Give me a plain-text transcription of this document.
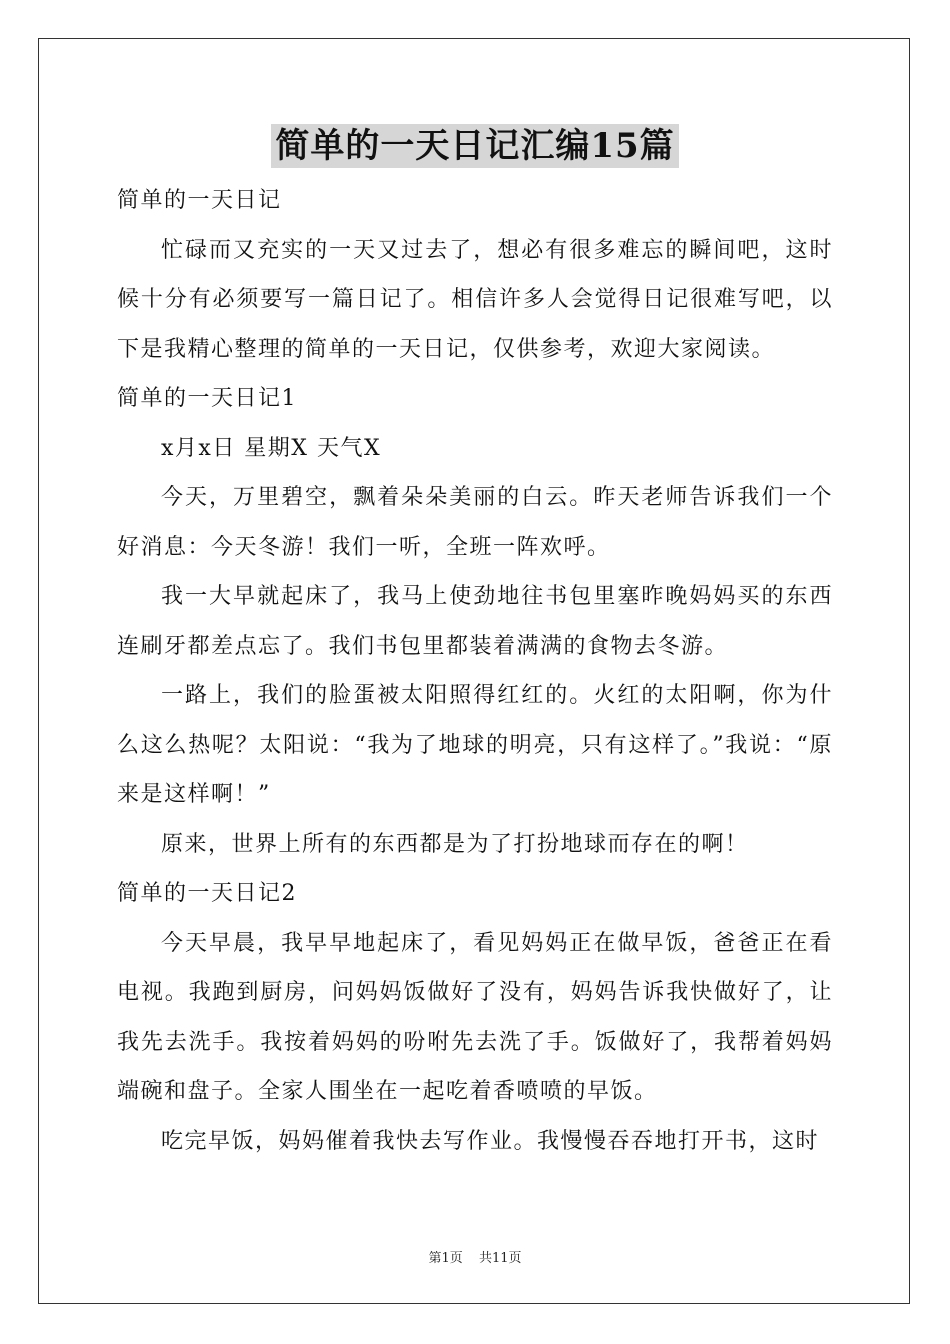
简单的一天日记汇编15篇

简单的一天日记

忙碌而又充实的一天又过去了，想必有很多难忘的瞬间吧，这时候十分有必须要写一篇日记了。相信许多人会觉得日记很难写吧，以下是我精心整理的简单的一天日记，仅供参考，欢迎大家阅读。

简单的一天日记1

x月x日 星期X 天气X

今天，万里碧空，飘着朵朵美丽的白云。昨天老师告诉我们一个好消息：今天冬游！我们一听，全班一阵欢呼。

我一大早就起床了，我马上使劲地往书包里塞昨晚妈妈买的东西连刷牙都差点忘了。我们书包里都装着满满的食物去冬游。

一路上，我们的脸蛋被太阳照得红红的。火红的太阳啊，你为什么这么热呢？太阳说：“我为了地球的明亮，只有这样了。”我说：“原来是这样啊！”

原来，世界上所有的东西都是为了打扮地球而存在的啊！

简单的一天日记2

今天早晨，我早早地起床了，看见妈妈正在做早饭，爸爸正在看电视。我跑到厨房，问妈妈饭做好了没有，妈妈告诉我快做好了，让我先去洗手。我按着妈妈的吩咐先去洗了手。饭做好了，我帮着妈妈端碗和盘子。全家人围坐在一起吃着香喷喷的早饭。

吃完早饭，妈妈催着我快去写作业。我慢慢吞吞地打开书，这时

第1页 共11页
